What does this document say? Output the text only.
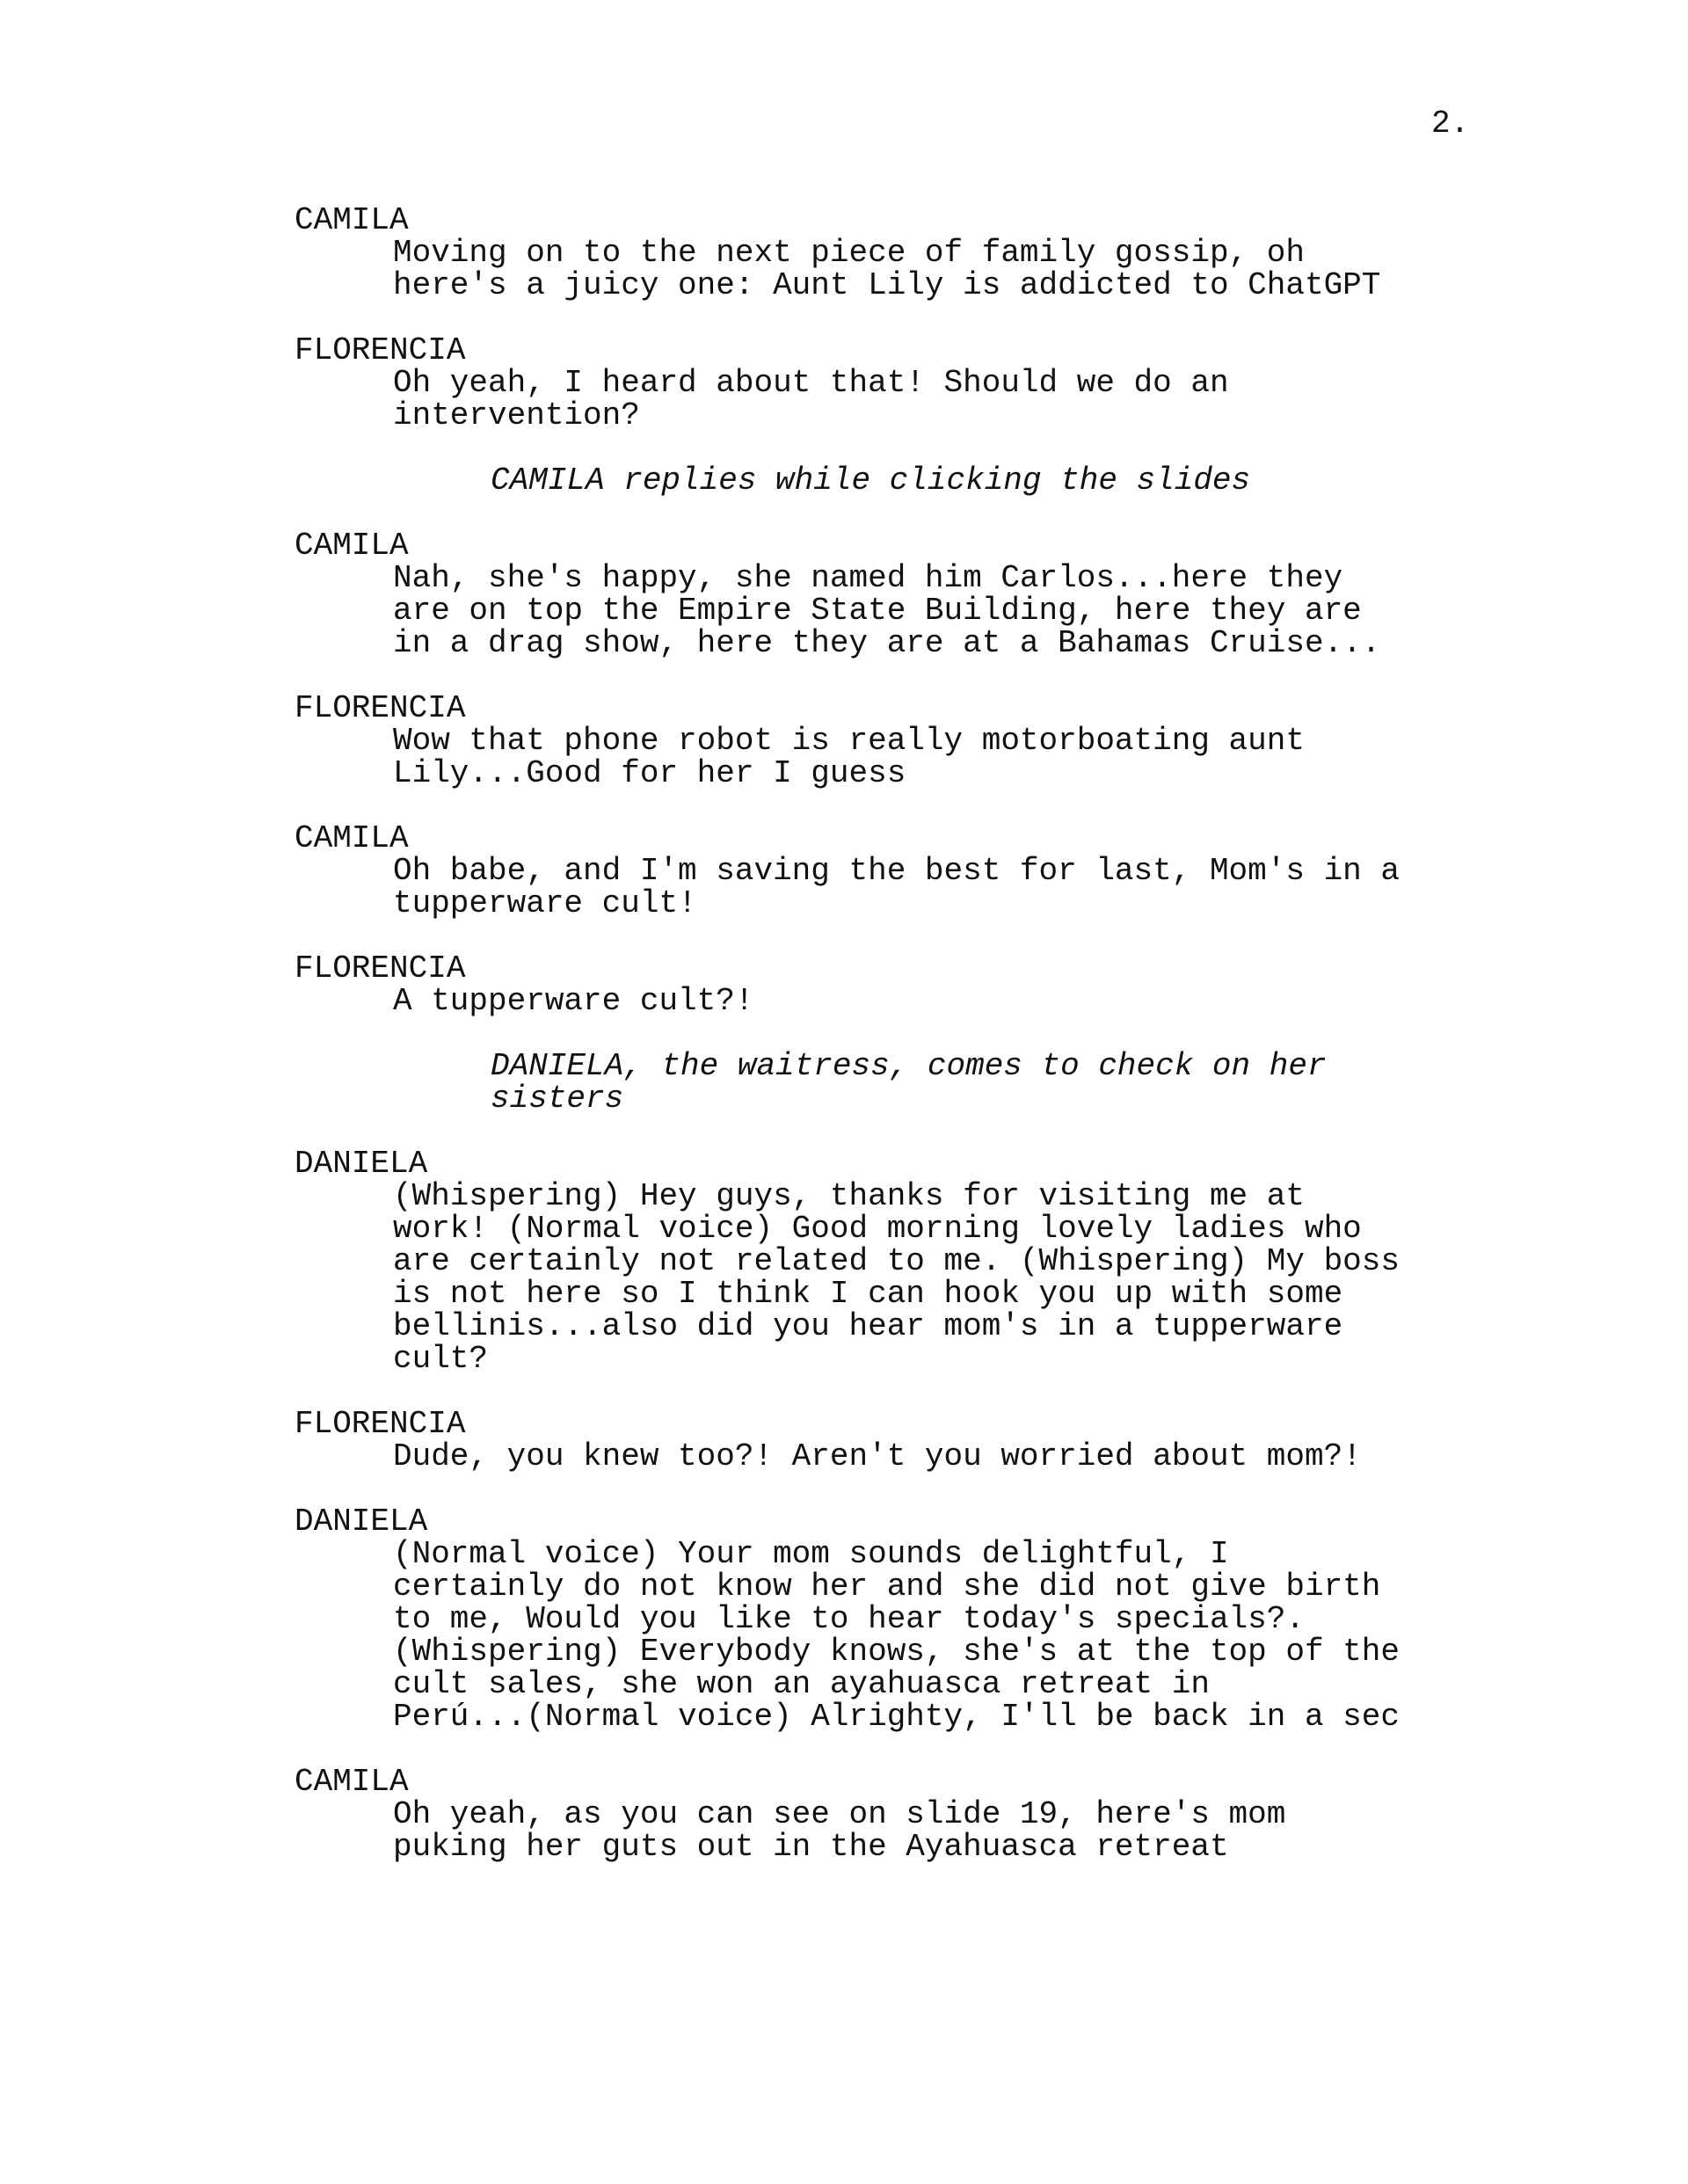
2.
CAMILA
Moving on to the next piece of family gossip, oh
here's a juicy one: Aunt Lily is addicted to ChatGPT
FLORENCIA
Oh yeah, I heard about that! Should we do an
intervention?
CAMILA replies while clicking the slides
CAMILA
Nah, she's happy, she named him Carlos...here they
are on top the Empire State Building, here they are
in a drag show, here they are at a Bahamas Cruise...
FLORENCIA
Wow that phone robot is really motorboating aunt
Lily...Good for her I guess
CAMILA
Oh babe, and I'm saving the best for last, Mom's in a
tupperware cult!
FLORENCIA
A tupperware cult?!
DANIELA, the waitress, comes to check on her
sisters
DANIELA
(Whispering) Hey guys, thanks for visiting me at
work! (Normal voice) Good morning lovely ladies who
are certainly not related to me. (Whispering) My boss
is not here so I think I can hook you up with some
bellinis...also did you hear mom's in a tupperware
cult?
FLORENCIA
Dude, you knew too?! Aren't you worried about mom?!
DANIELA
(Normal voice) Your mom sounds delightful, I
certainly do not know her and she did not give birth
to me, Would you like to hear today's specials?.
(Whispering) Everybody knows, she's at the top of the
cult sales, she won an ayahuasca retreat in
Perú...(Normal voice) Alrighty, I'll be back in a sec
CAMILA
Oh yeah, as you can see on slide 19, here's mom
puking her guts out in the Ayahuasca retreat
